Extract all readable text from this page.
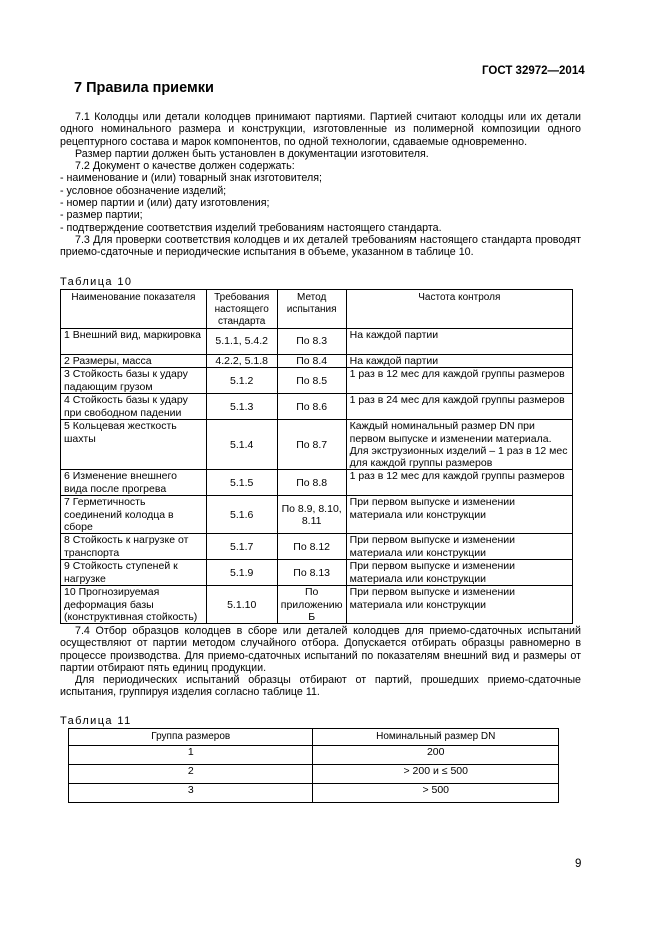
ГОСТ 32972—2014
7 Правила приемки

7.1 Колодцы или детали колодцев принимают партиями. Партией считают колодцы или их детали одного номинального размера и конструкции, изготовленные из полимерной композиции одного рецептурного состава и марок компонентов, по одной технологии, сдаваемые одновременно.

Размер партии должен быть установлен в документации изготовителя.

7.2 Документ о качестве должен содержать:

- наименование и (или) товарный знак изготовителя;

- условное обозначение изделий;

- номер партии и (или) дату изготовления;

- размер партии;

- подтверждение соответствия изделий требованиям настоящего стандарта.

7.3 Для проверки соответствия колодцев и их деталей требованиям настоящего стандарта проводят приемо-сдаточные и периодические испытания в объеме, указанном в таблице 10.

Таблица 10
Наименование показателя	Требования настоящего стандарта	Метод испытания	Частота контроля
1 Внешний вид, маркировка	5.1.1, 5.4.2	По 8.3	На каждой партии
2 Размеры, масса	4.2.2, 5.1.8	По 8.4	На каждой партии
3 Стойкость базы к удару падающим грузом	5.1.2	По 8.5	1 раз в 12 мес для каждой группы размеров
4 Стойкость базы к удару при свободном падении	5.1.3	По 8.6	1 раз в 24 мес для каждой группы размеров
5 Кольцевая жесткость шахты	5.1.4	По 8.7	Каждый номинальный размер DN при первом выпуске и изменении материала. Для экструзионных изделий – 1 раз в 12 мес для каждой группы размеров
6 Изменение внешнего вида после прогрева	5.1.5	По 8.8	1 раз в 12 мес для каждой группы размеров
7 Герметичность соединений колодца в сборе	5.1.6	По 8.9, 8.10, 8.11	При первом выпуске и изменении материала или конструкции
8 Стойкость к нагрузке от транспорта	5.1.7	По 8.12	При первом выпуске и изменении материала или конструкции
9 Стойкость ступеней к нагрузке	5.1.9	По 8.13	При первом выпуске и изменении материала или конструкции
10 Прогнозируемая деформация базы (конструктивная стойкость)	5.1.10	По приложению Б	При первом выпуске и изменении материала или конструкции

7.4 Отбор образцов колодцев в сборе или деталей колодцев для приемо-сдаточных испытаний осуществляют от партии методом случайного отбора. Допускается отбирать образцы равномерно в процессе производства. Для приемо-сдаточных испытаний по показателям внешний вид и размеры от партии отбирают пять единиц продукции.

Для периодических испытаний образцы отбирают от партий, прошедших приемо-сдаточные испытания, группируя изделия согласно таблице 11.

Таблица 11
Группа размеров	Номинальный размер DN
1	200
2	> 200 и ≤ 500
3	> 500
9
